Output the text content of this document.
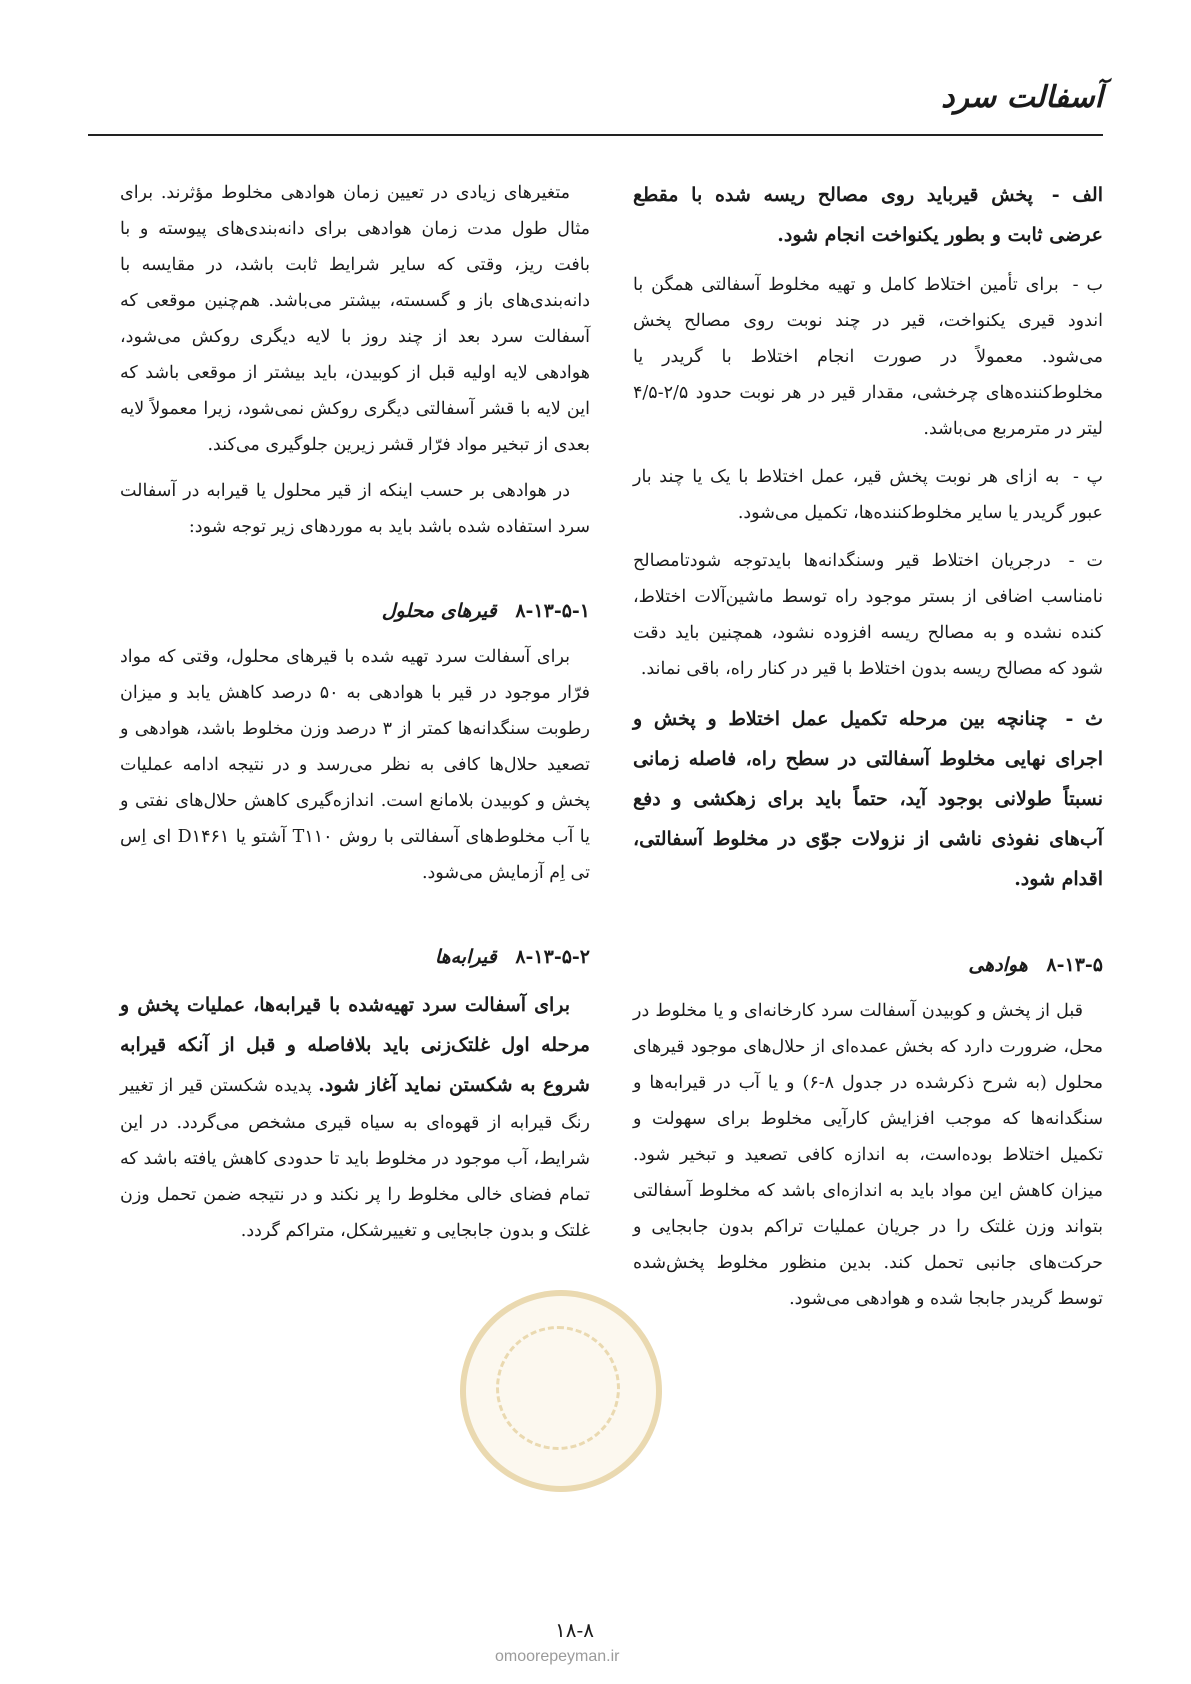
آسفالت سرد
الف - پخش قیرباید روی مصالح ریسه شده با مقطع عرضی ثابت و بطور یکنواخت انجام شود.
ب - برای تأمین اختلاط کامل و تهیه مخلوط آسفالتی همگن با اندود قیری یکنواخت، قیر در چند نوبت روی مصالح پخش می‌شود. معمولاً در صورت انجام اختلاط با گریدر یا مخلوط‌کننده‌های چرخشی، مقدار قیر در هر نوبت حدود ۲/۵-۴/۵ لیتر در مترمربع می‌باشد.
پ - به ازای هر نوبت پخش قیر، عمل اختلاط با یک یا چند بار عبور گریدر یا سایر مخلوط‌کننده‌ها، تکمیل می‌شود.
ت - درجریان اختلاط قیر وسنگدانه‌ها بایدتوجه شودتامصالح نامناسب اضافی از بستر موجود راه توسط ماشین‌آلات اختلاط، کنده نشده و به مصالح ریسه افزوده نشود، همچنین باید دقت شود که مصالح ریسه بدون اختلاط با قیر در کنار راه، باقی نماند.
ث - چنانچه بین مرحله تکمیل عمل اختلاط و پخش و اجرای نهایی مخلوط آسفالتی در سطح راه، فاصله زمانی نسبتاً طولانی بوجود آید، حتماً باید برای زهکشی و دفع آب‌های نفوذی ناشی از نزولات جوّی در مخلوط آسفالتی، اقدام شود.
۸-۱۳-۵ هوادهی

قبل از پخش و کوبیدن آسفالت سرد کارخانه‌ای و یا مخلوط در محل، ضرورت دارد که بخش عمده‌ای از حلال‌های موجود قیرهای محلول (به شرح ذکرشده در جدول ۸-۶) و یا آب در قیرابه‌ها و سنگدانه‌ها که موجب افزایش کارآیی مخلوط برای سهولت و تکمیل اختلاط بوده‌است، به اندازه کافی تصعید و تبخیر شود. میزان کاهش این مواد باید به اندازه‌ای باشد که مخلوط آسفالتی بتواند وزن غلتک را در جریان عملیات تراکم بدون جابجایی و حرکت‌های جانبی تحمل کند. بدین منظور مخلوط پخش‌شده توسط گریدر جابجا شده و هوادهی می‌شود.

متغیرهای زیادی در تعیین زمان هوادهی مخلوط مؤثرند. برای مثال طول مدت زمان هوادهی برای دانه‌بندی‌های پیوسته و با بافت ریز، وقتی که سایر شرایط ثابت باشد، در مقایسه با دانه‌بندی‌های باز و گسسته، بیشتر می‌باشد. هم‌چنین موقعی که آسفالت سرد بعد از چند روز با لایه دیگری روکش می‌شود، هوادهی لایه اولیه قبل از کوبیدن، باید بیشتر از موقعی باشد که این لایه با قشر آسفالتی دیگری روکش نمی‌شود، زیرا معمولاً لایه بعدی از تبخیر مواد فرّار قشر زیرین جلوگیری می‌کند.

در هوادهی بر حسب اینکه از قیر محلول یا قیرابه در آسفالت سرد استفاده شده باشد باید به موردهای زیر توجه شود:

۸-۱۳-۵-۱ قیرهای محلول

برای آسفالت سرد تهیه شده با قیرهای محلول، وقتی که مواد فرّار موجود در قیر با هوادهی به ۵۰ درصد کاهش یابد و میزان رطوبت سنگدانه‌ها کمتر از ۳ درصد وزن مخلوط باشد، هوادهی و تصعید حلال‌ها کافی به نظر می‌رسد و در نتیجه ادامه عملیات پخش و کوبیدن بلامانع است. اندازه‌گیری کاهش حلال‌های نفتی و یا آب مخلوط‌های آسفالتی با روش T۱۱۰ آشتو یا D۱۴۶۱ ای اِس تی اِم آزمایش می‌شود.

۸-۱۳-۵-۲ قیرابه‌ها

برای آسفالت سرد تهیه‌شده با قیرابه‌ها، عملیات پخش و مرحله اول غلتک‌زنی باید بلافاصله و قبل از آنکه قیرابه شروع به شکستن نماید آغاز شود. پدیده شکستن قیر از تغییر رنگ قیرابه از قهوه‌ای به سیاه قیری مشخص می‌گردد. در این شرایط، آب موجود در مخلوط باید تا حدودی کاهش یافته باشد که تمام فضای خالی مخلوط را پر نکند و در نتیجه ضمن تحمل وزن غلتک و بدون جابجایی و تغییرشکل، متراکم گردد.

۱۸-۸
omoorepeyman.ir
